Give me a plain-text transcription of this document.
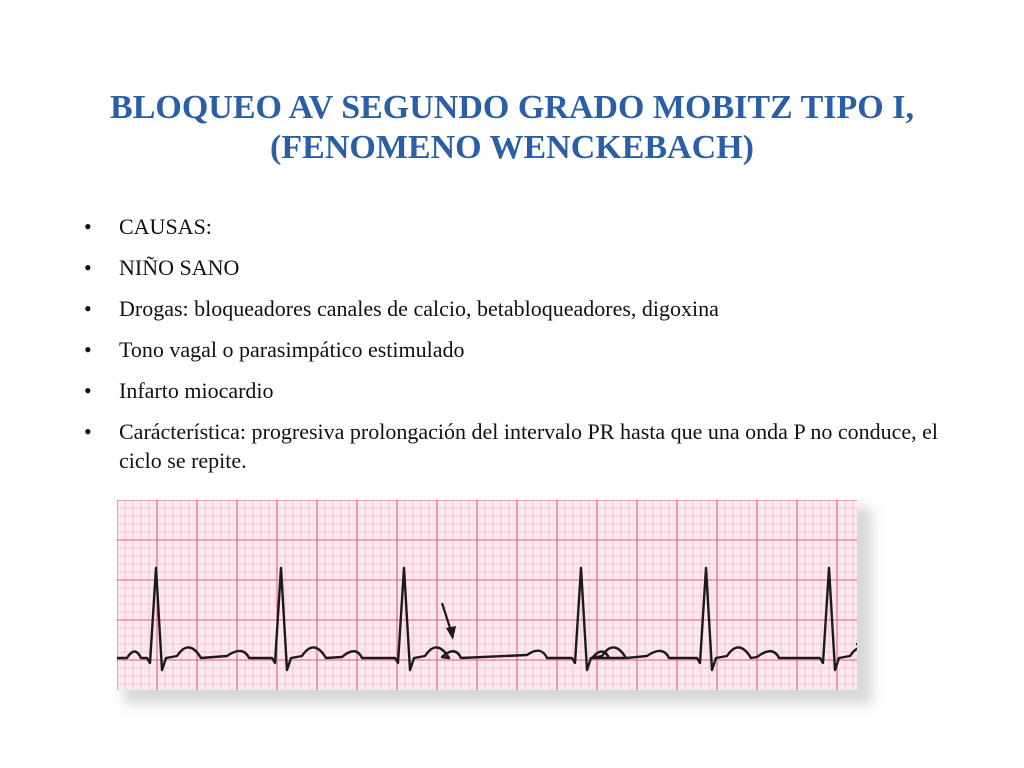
BLOQUEO AV SEGUNDO GRADO MOBITZ TIPO I,
(FENOMENO WENCKEBACH)
•	CAUSAS:
•	NIÑO SANO
•	Drogas: bloqueadores canales de calcio, betabloqueadores, digoxina
•	Tono vagal o parasimpático estimulado
•	Infarto miocardio
•	Carácterística: progresiva prolongación del intervalo PR hasta que una onda P no conduce, el ciclo se repite.
